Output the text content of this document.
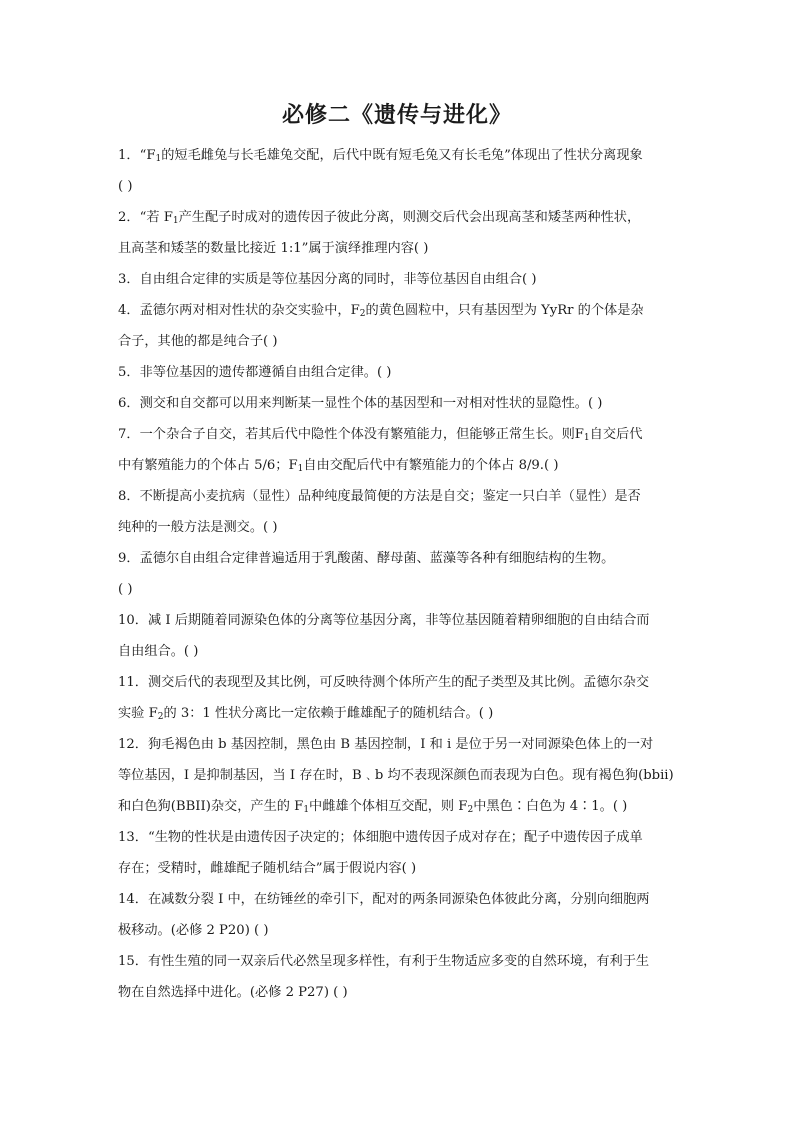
必修二《遗传与进化》
1．“$F_1$的短毛雌兔与长毛雄兔交配，后代中既有短毛兔又有长毛兔”体现出了性状分离现象
( )
2．“若 $F_1$产生配子时成对的遗传因子彼此分离，则测交后代会出现高茎和矮茎两种性状，
且高茎和矮茎的数量比接近 1:1”属于演绎推理内容( )
3．自由组合定律的实质是等位基因分离的同时，非等位基因自由组合( )
4．孟德尔两对相对性状的杂交实验中，$F_2$的黄色圆粒中，只有基因型为 YyRr 的个体是杂
合子，其他的都是纯合子( )
5．非等位基因的遗传都遵循自由组合定律。( )
6．测交和自交都可以用来判断某一显性个体的基因型和一对相对性状的显隐性。( )
7．一个杂合子自交，若其后代中隐性个体没有繁殖能力，但能够正常生长。则$F_1$自交后代
中有繁殖能力的个体占 5/6；$F_1$自由交配后代中有繁殖能力的个体占 8/9.( )
8．不断提高小麦抗病（显性）品种纯度最简便的方法是自交；鉴定一只白羊（显性）是否
纯种的一般方法是测交。( )
9．孟德尔自由组合定律普遍适用于乳酸菌、酵母菌、蓝藻等各种有细胞结构的生物。
( )
10．减 I 后期随着同源染色体的分离等位基因分离，非等位基因随着精卵细胞的自由结合而
自由组合。( )
11．测交后代的表现型及其比例，可反映待测个体所产生的配子类型及其比例。孟德尔杂交
实验 $F_2$的 3：1 性状分离比一定依赖于雌雄配子的随机结合。( )
12．狗毛褐色由 b 基因控制，黑色由 B 基因控制，I 和 i 是位于另一对同源染色体上的一对
等位基因，I 是抑制基因，当 I 存在时，B﹑b 均不表现深颜色而表现为白色。现有褐色狗(bbii)
和白色狗(BBII)杂交，产生的 $F_1$中雌雄个体相互交配，则 $F_2$中黑色∶白色为 4∶1。( )
13．“生物的性状是由遗传因子决定的；体细胞中遗传因子成对存在；配子中遗传因子成单
存在；受精时，雌雄配子随机结合”属于假说内容( )
14．在减数分裂 I 中，在纺锤丝的牵引下，配对的两条同源染色体彼此分离，分别向细胞两
极移动。(必修 2 P20) ( )
15．有性生殖的同一双亲后代必然呈现多样性，有利于生物适应多变的自然环境，有利于生
物在自然选择中进化。(必修 2 P27) ( )
